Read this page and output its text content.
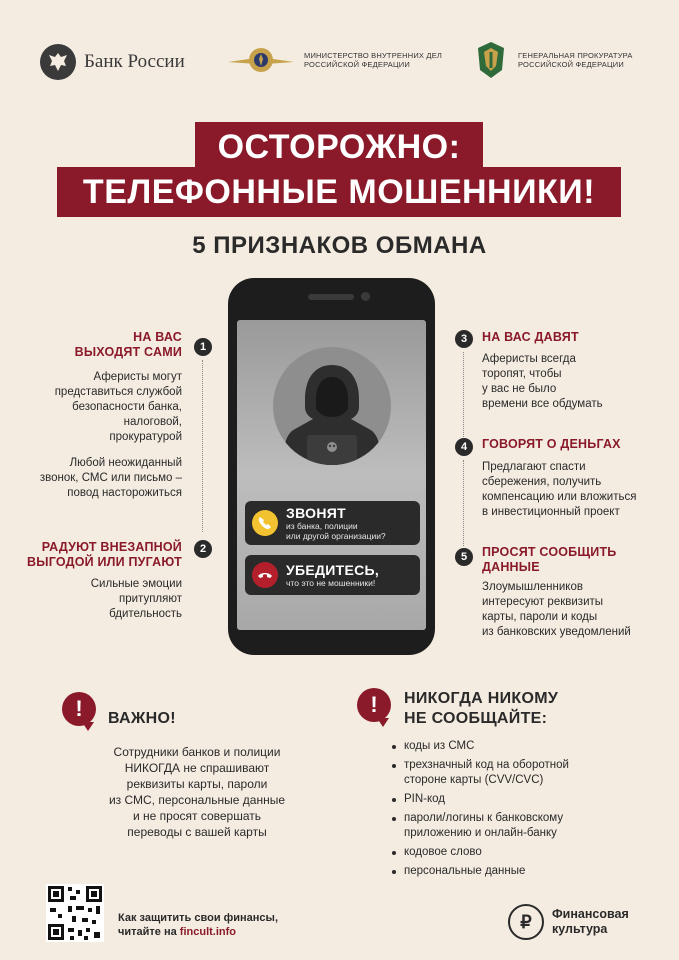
Банк России	МИНИСТЕРСТВО ВНУТРЕННИХ ДЕЛ
РОССИЙСКОЙ ФЕДЕРАЦИИ
ГЕНЕРАЛЬНАЯ ПРОКУРАТУРА
РОССИЙСКОЙ ФЕДЕРАЦИИ
ОСТОРОЖНО:
ТЕЛЕФОННЫЕ МОШЕННИКИ!
5 ПРИЗНАКОВ ОБМАНА
ЗВОНЯТ
из банка, полиции
или другой организации?
УБЕДИТЕСЬ,
что это не мошенники!
НА ВАС
ВЫХОДЯТ САМИ	1
Аферисты могут
представиться службой
безопасности банка,
налоговой,
прокуратурой
Любой неожиданный
звонок, СМС или письмо –
повод насторожиться
РАДУЮТ ВНЕЗАПНОЙ
ВЫГОДОЙ ИЛИ ПУГАЮТ
2
Сильные эмоции
притупляют
бдительность
3	НА ВАС ДАВЯТ
Аферисты всегда
торопят, чтобы
у вас не было
времени все обдумать
4	ГОВОРЯТ О ДЕНЬГАХ
Предлагают спасти
сбережения, получить
компенсацию или вложиться
в инвестиционный проект
5	ПРОСЯТ СООБЩИТЬ
ДАННЫЕ
Злоумышленников
интересуют реквизиты
карты, пароли и коды
из банковских уведомлений
!	ВАЖНО!
Сотрудники банков и полиции
НИКОГДА не спрашивают
реквизиты карты, пароли
из СМС, персональные данные
и не просят совершать
переводы с вашей карты
!	НИКОГДА НИКОМУ
НЕ СООБЩАЙТЕ:
коды из СМС
трехзначный код на оборотной
стороне карты (CVV/CVC)
PIN-код
пароли/логины к банковскому
приложению и онлайн-банку
кодовое слово
персональные данные
Как защитить свои финансы,
читайте на fincult.info
₽	Финансовая
культура
